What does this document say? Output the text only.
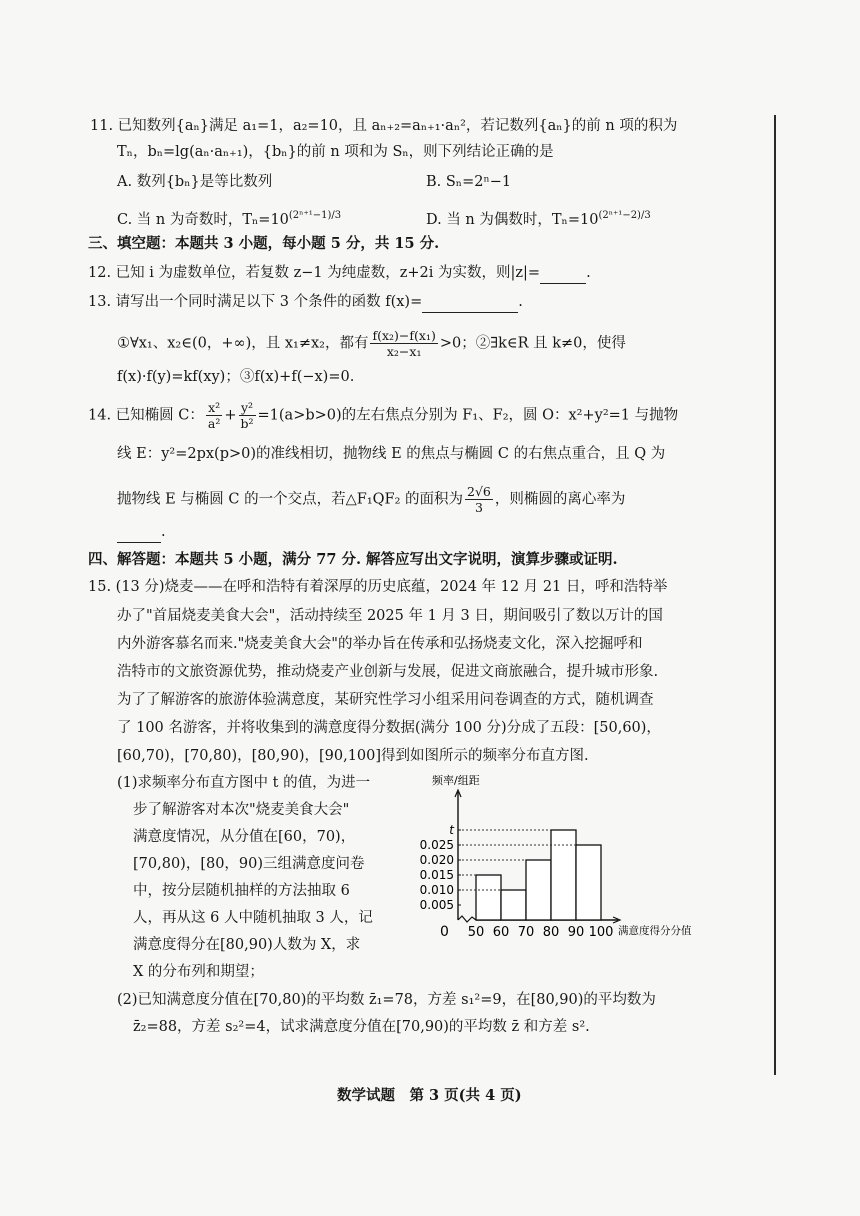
11. 已知数列{aₙ}满足 a₁=1，a₂=10，且 aₙ₊₂=aₙ₊₁·aₙ²，若记数列{aₙ}的前 n 项的积为
Tₙ，bₙ=lg(aₙ·aₙ₊₁)，{bₙ}的前 n 项和为 Sₙ，则下列结论正确的是
A. 数列{bₙ}是等比数列	B. Sₙ=2ⁿ−1
C. 当 n 为奇数时，$T_n=10^{(2^{n+1}-1)/3}$	D. 当 n 为偶数时，$T_n=10^{(2^{n+1}-2)/3}$
三、填空题：本题共 3 小题，每小题 5 分，共 15 分.
12. 已知 i 为虚数单位，若复数 z−1 为纯虚数，z+2i 为实数，则|z|=	.
13. 请写出一个同时满足以下 3 个条件的函数 f(x)=	.
①∀x₁、x₂∈(0，+∞)，且 x₁≠x₂，都有 $\frac{\text{f(x₂)−f(x₁)}}{\text{x₂−x₁}} >0$；②∃k∈R 且 k≠0，使得
f(x)·f(y)=kf(xy)；③f(x)+f(−x)=0.
14. 已知椭圆 C： $\frac{\text{x²}}{\text{a²}} + \frac{\text{y²}}{\text{b²}} =1(a>b>0)$的左右焦点分别为 F₁、F₂，圆 O：x²+y²=1 与抛物
线 E：y²=2px(p>0)的准线相切，抛物线 E 的焦点与椭圆 C 的右焦点重合，且 Q 为
抛物线 E 与椭圆 C 的一个交点，若△F₁QF₂ 的面积为 $\frac{2√6}{3}$ ，则椭圆的离心率为
.
四、解答题：本题共 5 小题，满分 77 分. 解答应写出文字说明，演算步骤或证明.
15. (13 分)烧麦——在呼和浩特有着深厚的历史底蕴，2024 年 12 月 21 日，呼和浩特举
办了"首届烧麦美食大会"，活动持续至 2025 年 1 月 3 日，期间吸引了数以万计的国
内外游客慕名而来."烧麦美食大会"的举办旨在传承和弘扬烧麦文化，深入挖掘呼和
浩特市的文旅资源优势，推动烧麦产业创新与发展，促进文商旅融合，提升城市形象.
为了了解游客的旅游体验满意度，某研究性学习小组采用问卷调查的方式，随机调查
了 100 名游客，并将收集到的满意度得分数据(满分 100 分)分成了五段：[50,60)，
[60,70)，[70,80)，[80,90)，[90,100]得到如图所示的频率分布直方图.
(1)求频率分布直方图中 t 的值，为进一
步了解游客对本次"烧麦美食大会"
满意度情况，从分值在[60，70)，
[70,80)，[80，90)三组满意度问卷
中，按分层随机抽样的方法抽取 6
人，再从这 6 人中随机抽取 3 人，记
满意度得分在[80,90)人数为 X，求
X 的分布列和期望；
0
频率/组距
满意度得分分值
0.005
0.010
0.015
0.020
0.025
t
50 60 70 80 90 100
(2)已知满意度分值在[70,80)的平均数 z̄₁=78，方差 s₁²=9，在[80,90)的平均数为
z̄₂=88，方差 s₂²=4，试求满意度分值在[70,90)的平均数 z̄ 和方差 s².
数学试题　第 3 页(共 4 页)
